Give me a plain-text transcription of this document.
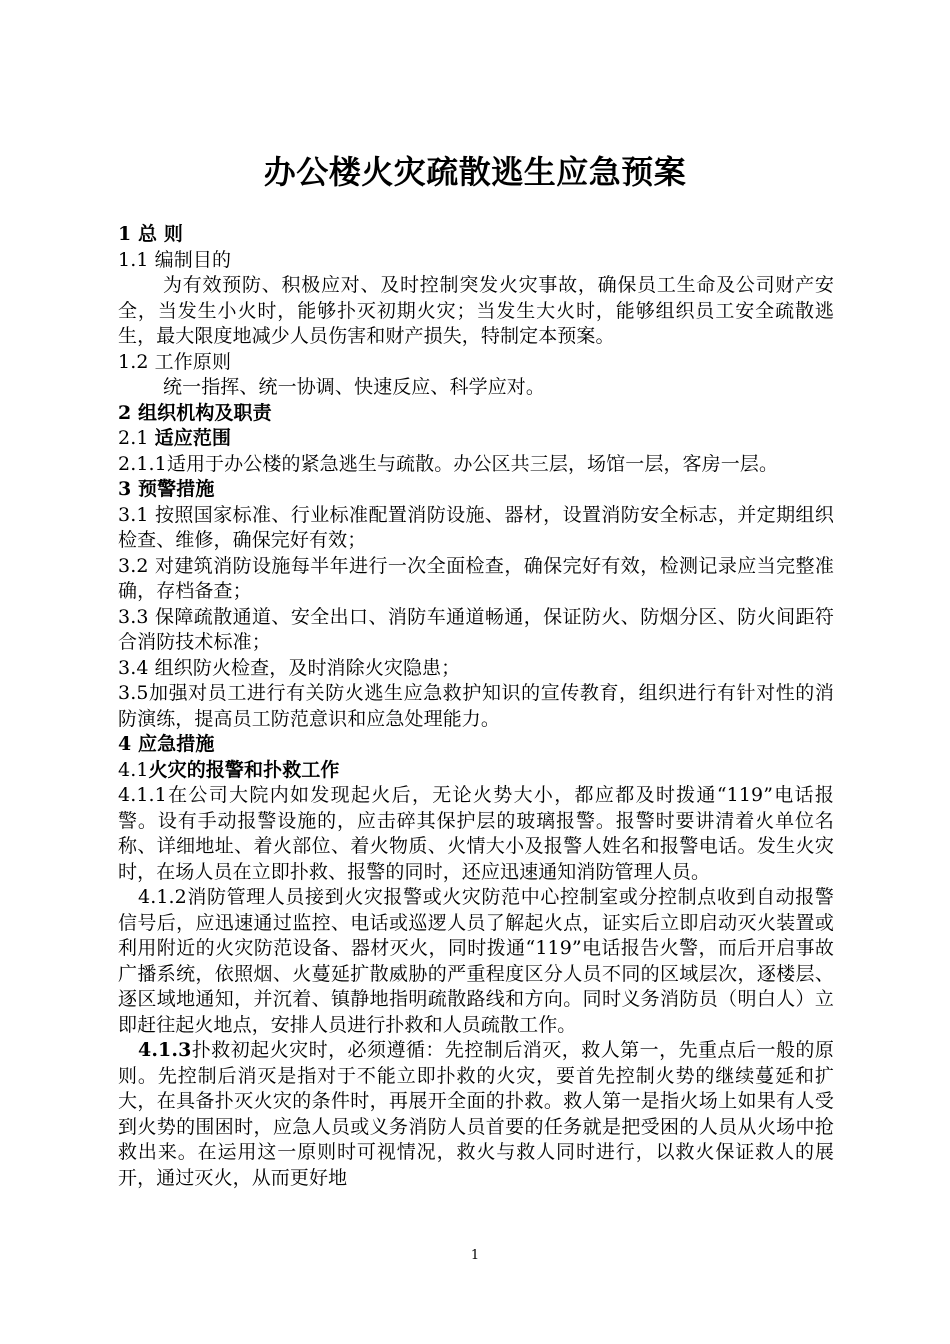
办公楼火灾疏散逃生应急预案

1 总 则

1.1 编制目的

为有效预防、积极应对、及时控制突发火灾事故，确保员工生命及公司财产安全，当发生小火时，能够扑灭初期火灾；当发生大火时，能够组织员工安全疏散逃生，最大限度地减少人员伤害和财产损失，特制定本预案。

1.2 工作原则

统一指挥、统一协调、快速反应、科学应对。

2 组织机构及职责

2.1 适应范围

2.1.1适用于办公楼的紧急逃生与疏散。办公区共三层，场馆一层，客房一层。

3 预警措施

3.1 按照国家标准、行业标准配置消防设施、器材，设置消防安全标志，并定期组织检查、维修，确保完好有效；

3.2 对建筑消防设施每半年进行一次全面检查，确保完好有效，检测记录应当完整准确，存档备查；

3.3 保障疏散通道、安全出口、消防车通道畅通，保证防火、防烟分区、防火间距符合消防技术标准；

3.4 组织防火检查，及时消除火灾隐患；

3.5加强对员工进行有关防火逃生应急救护知识的宣传教育，组织进行有针对性的消防演练，提高员工防范意识和应急处理能力。

4 应急措施

4.1火灾的报警和扑救工作

4.1.1在公司大院内如发现起火后，无论火势大小，都应都及时拨通“119”电话报警。设有手动报警设施的，应击碎其保护层的玻璃报警。报警时要讲清着火单位名称、详细地址、着火部位、着火物质、火情大小及报警人姓名和报警电话。发生火灾时，在场人员在立即扑救、报警的同时，还应迅速通知消防管理人员。

4.1.2消防管理人员接到火灾报警或火灾防范中心控制室或分控制点收到自动报警信号后，应迅速通过监控、电话或巡逻人员了解起火点，证实后立即启动灭火装置或利用附近的火灾防范设备、器材灭火，同时拨通“119”电话报告火警，而后开启事故广播系统，依照烟、火蔓延扩散威胁的严重程度区分人员不同的区域层次，逐楼层、逐区域地通知，并沉着、镇静地指明疏散路线和方向。同时义务消防员（明白人）立即赶往起火地点，安排人员进行扑救和人员疏散工作。

4.1.3扑救初起火灾时，必须遵循：先控制后消灭，救人第一，先重点后一般的原则。先控制后消灭是指对于不能立即扑救的火灾，要首先控制火势的继续蔓延和扩大，在具备扑灭火灾的条件时，再展开全面的扑救。救人第一是指火场上如果有人受到火势的围困时，应急人员或义务消防人员首要的任务就是把受困的人员从火场中抢救出来。在运用这一原则时可视情况，救火与救人同时进行，以救火保证救人的展开，通过灭火，从而更好地

1
